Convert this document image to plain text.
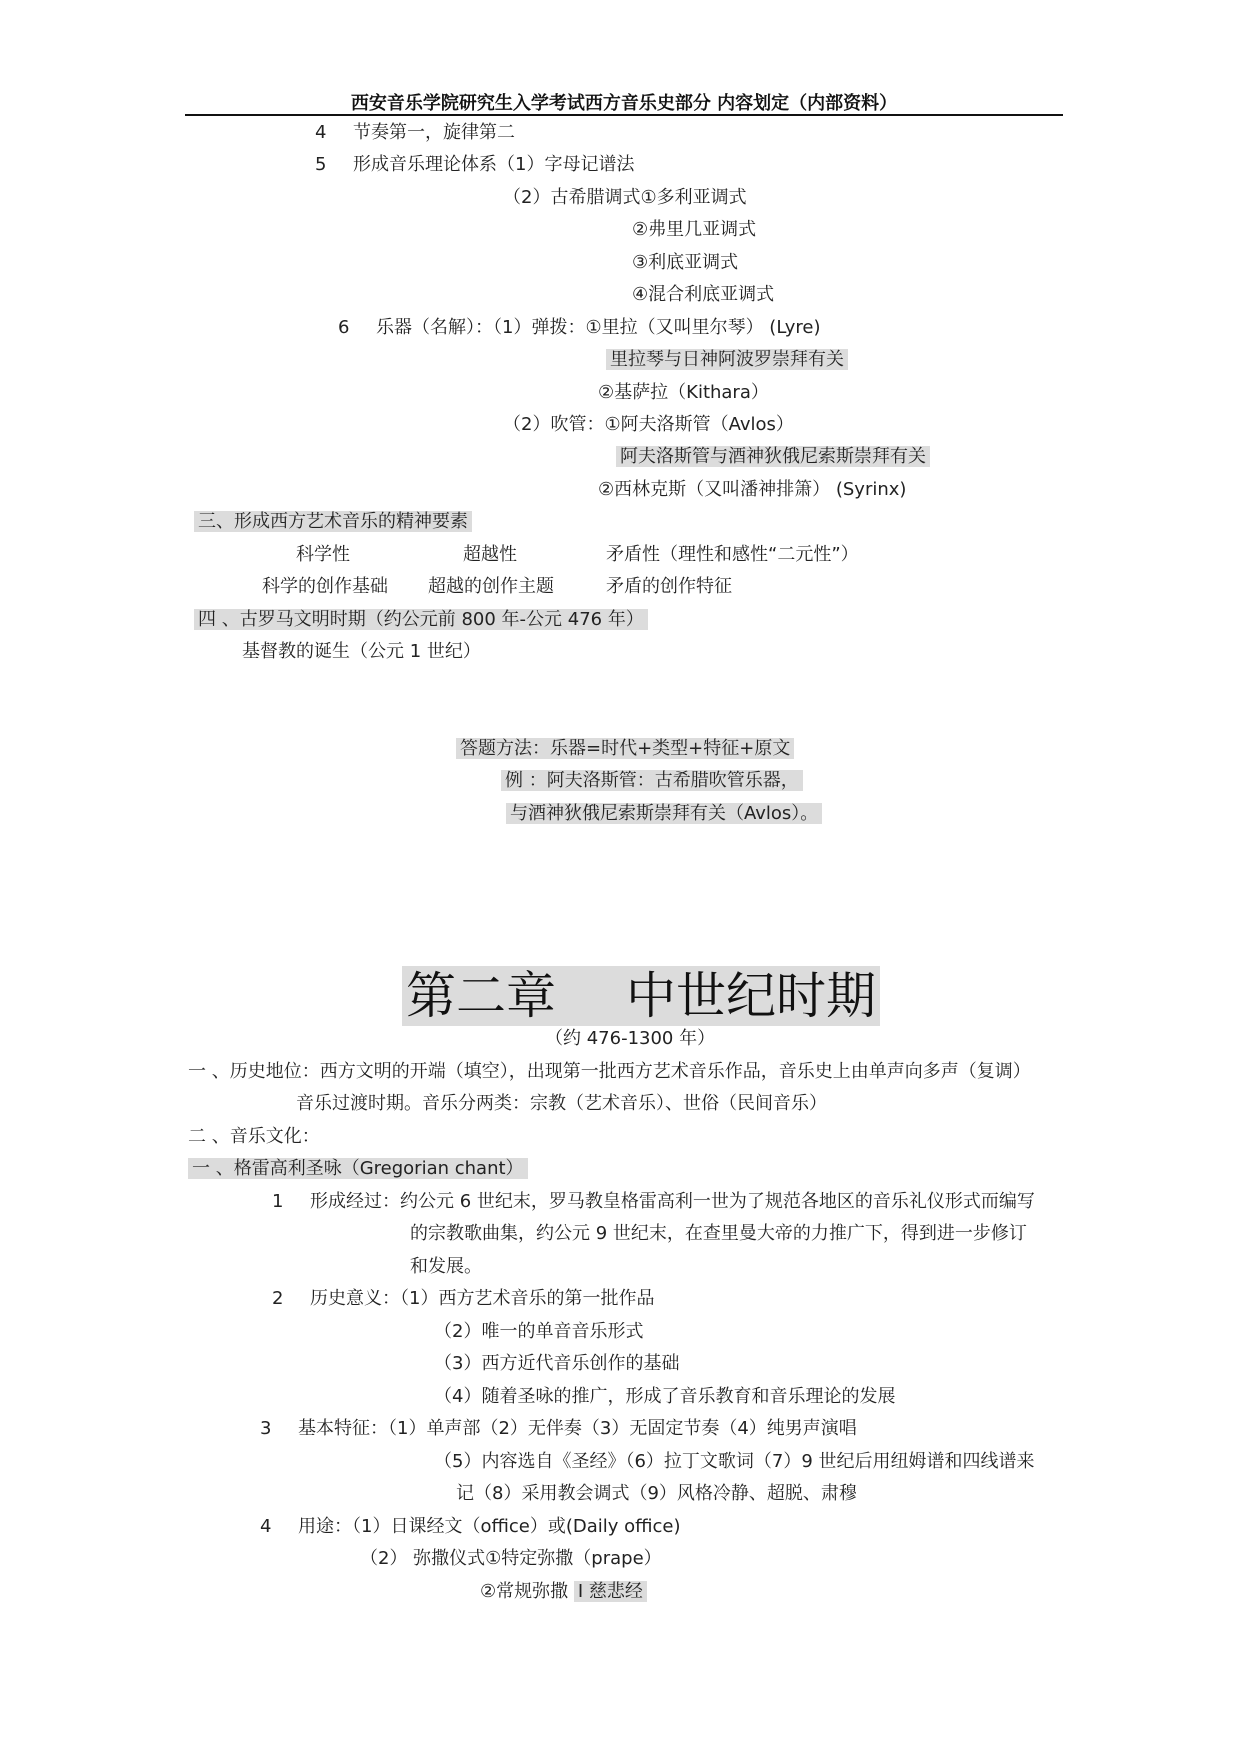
西安音乐学院研究生入学考试西方音乐史部分 内容划定（内部资料）
4 节奏第一，旋律第二
5 形成音乐理论体系（1）字母记谱法
（2）古希腊调式①多利亚调式
②弗里几亚调式
③利底亚调式
④混合利底亚调式
6 乐器（名解）：（1）弹拨：①里拉（又叫里尔琴） (Lyre)
里拉琴与日神阿波罗崇拜有关
②基萨拉（Kithara）
（2）吹管：①阿夫洛斯管（Avlos）
阿夫洛斯管与酒神狄俄尼索斯崇拜有关
②西林克斯（又叫潘神排箫） (Syrinx)
三、形成西方艺术音乐的精神要素
科学性	超越性	矛盾性（理性和感性“二元性”）
科学的创作基础 超越的创作主题	矛盾的创作特征
四 、古罗马文明时期（约公元前 800 年-公元 476 年）
基督教的诞生（公元 1 世纪）
答题方法：乐器=时代+类型+特征+原文
例 ：阿夫洛斯管：古希腊吹管乐器，
与酒神狄俄尼索斯崇拜有关（Avlos）。
第二章 中世纪时期
（约 476-1300 年）
一 、历史地位：西方文明的开端（填空），出现第一批西方艺术音乐作品，音乐史上由单声向多声（复调）
音乐过渡时期。音乐分两类：宗教（艺术音乐）、世俗（民间音乐）
二 、音乐文化：
一 、格雷高利圣咏（Gregorian chant）
1 形成经过：约公元 6 世纪末，罗马教皇格雷高利一世为了规范各地区的音乐礼仪形式而编写
的宗教歌曲集，约公元 9 世纪末，在查里曼大帝的力推广下，得到进一步修订
和发展。
2 历史意义：（1）西方艺术音乐的第一批作品
（2）唯一的单音音乐形式
（3）西方近代音乐创作的基础
（4）随着圣咏的推广，形成了音乐教育和音乐理论的发展
3 基本特征：（1）单声部（2）无伴奏（3）无固定节奏（4）纯男声演唱
（5）内容选自《圣经》（6）拉丁文歌词（7）9 世纪后用纽姆谱和四线谱来
记（8）采用教会调式（9）风格冷静、超脱、肃穆
4 用途：（1）日课经文（office）或(Daily office)
（2） 弥撒仪式①特定弥撒（prape）
②常规弥撒 Ⅰ 慈悲经
